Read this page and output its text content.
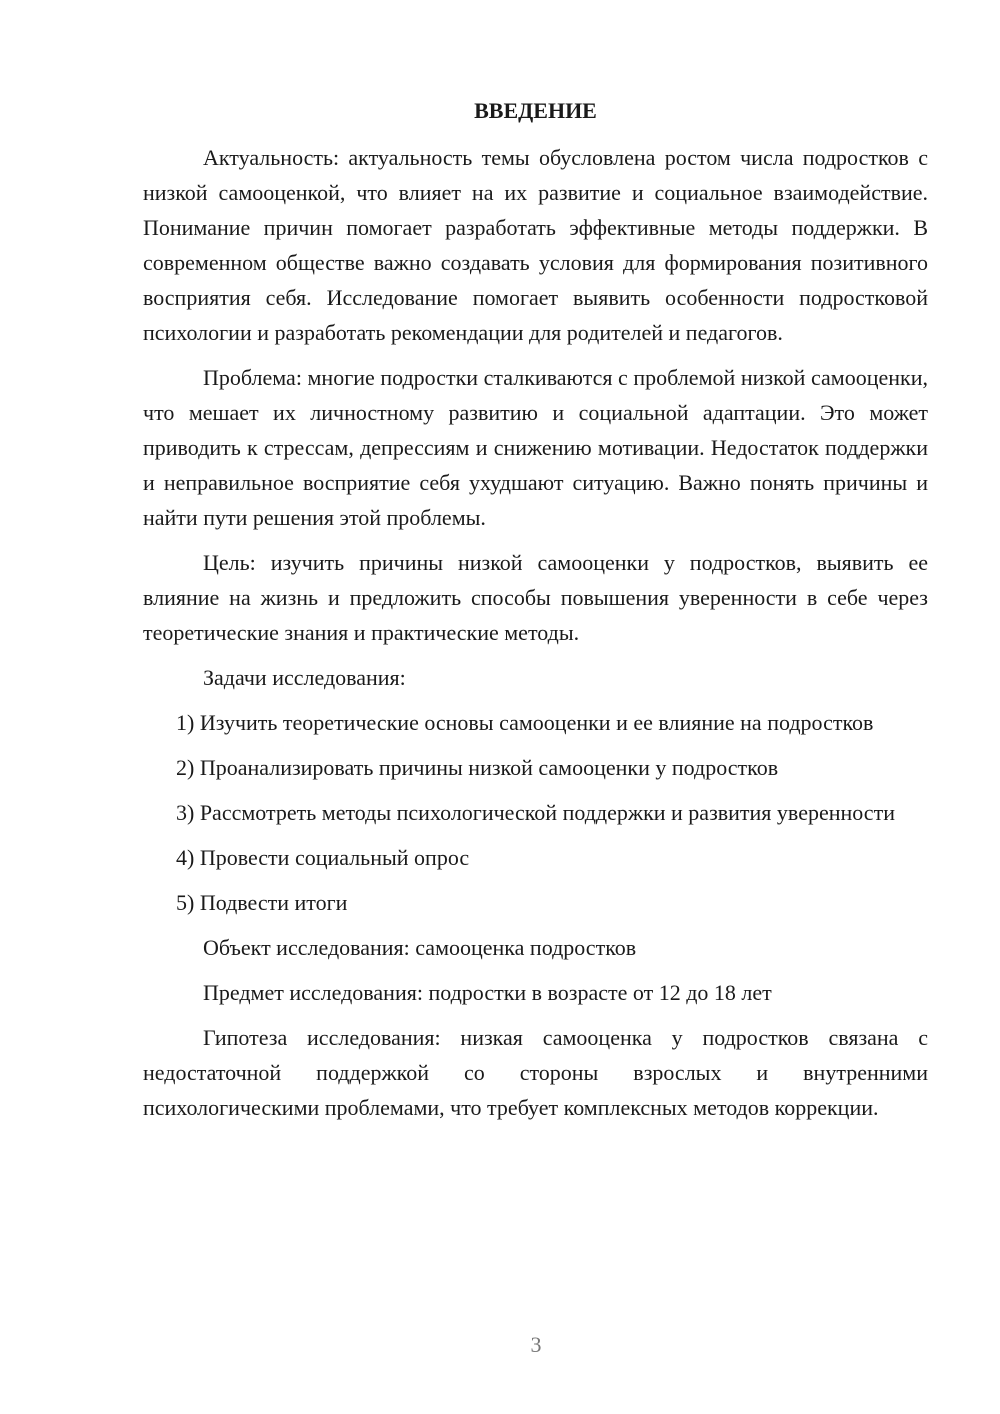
ВВЕДЕНИЕ

Актуальность: актуальность темы обусловлена ростом числа подростков с низкой самооценкой, что влияет на их развитие и социальное взаимодействие. Понимание причин помогает разработать эффективные методы поддержки. В современном обществе важно создавать условия для формирования позитивного восприятия себя. Исследование помогает выявить особенности подростковой психологии и разработать рекомендации для родителей и педагогов.

Проблема: многие подростки сталкиваются с проблемой низкой самооценки, что мешает их личностному развитию и социальной адаптации. Это может приводить к стрессам, депрессиям и снижению мотивации. Недостаток поддержки и неправильное восприятие себя ухудшают ситуацию. Важно понять причины и найти пути решения этой проблемы.

Цель: изучить причины низкой самооценки у подростков, выявить ее влияние на жизнь и предложить способы повышения уверенности в себе через теоретические знания и практические методы.

Задачи исследования:

1) Изучить теоретические основы самооценки и ее влияние на подростков

2) Проанализировать причины низкой самооценки у подростков

3) Рассмотреть методы психологической поддержки и развития уверенности

4) Провести социальный опрос

5) Подвести итоги

Объект исследования: самооценка подростков

Предмет исследования: подростки в возрасте от 12 до 18 лет

Гипотеза исследования: низкая самооценка у подростков связана с недостаточной поддержкой со стороны взрослых и внутренними психологическими проблемами, что требует комплексных методов коррекции.

3
